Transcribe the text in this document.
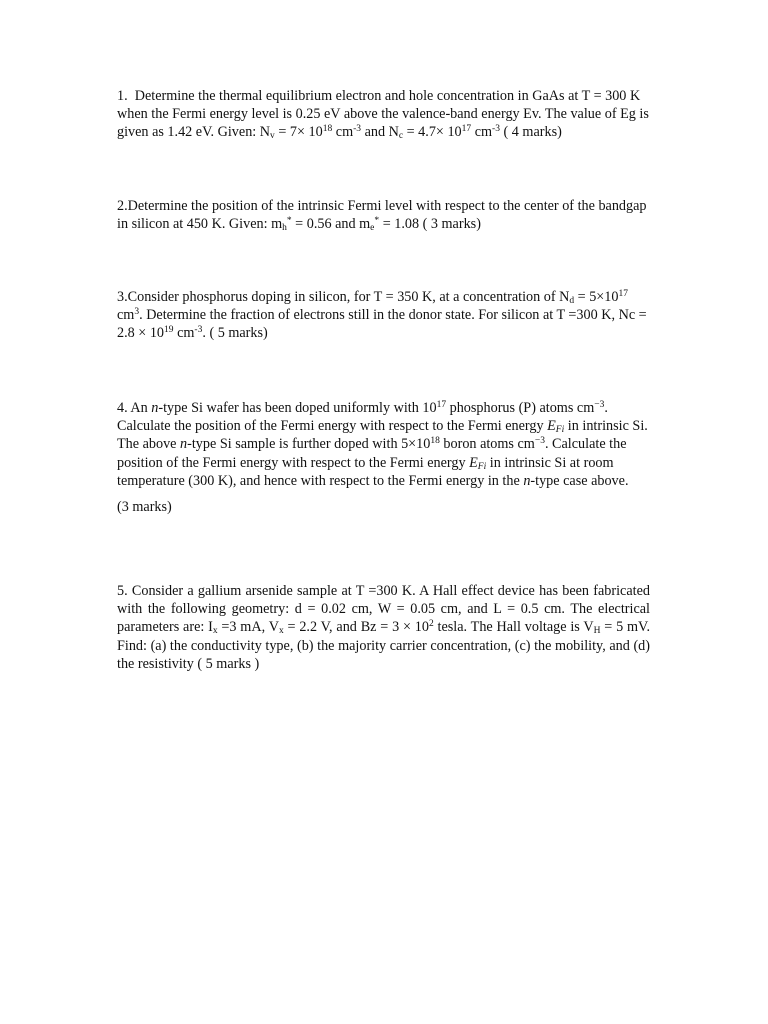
1. Determine the thermal equilibrium electron and hole concentration in GaAs at T = 300 K when the Fermi energy level is 0.25 eV above the valence-band energy Ev. The value of Eg is given as 1.42 eV. Given: $N_v = 7\times 10^{18}$ $cm^{-3}$ and $N_c = 4.7\times 10^{17}$ $cm^{-3}$ ( 4 marks)
2.Determine the position of the intrinsic Fermi level with respect to the center of the bandgap in silicon at 450 K. Given: $m_h^* = 0.56$ and $m_e^* = 1.08$ ( 3 marks)
3.Consider phosphorus doping in silicon, for T = 350 K, at a concentration of $N_d = 5\times 10^{17}$ $cm^3$. Determine the fraction of electrons still in the donor state. For silicon at T =300 K, $Nc = 2.8 \times 10^{19}$ $cm^{-3}$. ( 5 marks)
4. An n-type Si wafer has been doped uniformly with $10^{17}$ phosphorus (P) atoms $cm^{-3}$. Calculate the position of the Fermi energy with respect to the Fermi energy $E_{Fi}$ in intrinsic Si. The above n-type Si sample is further doped with $5\times 10^{18}$ boron atoms $cm^{-3}$. Calculate the position of the Fermi energy with respect to the Fermi energy $E_{Fi}$ in intrinsic Si at room temperature (300 K), and hence with respect to the Fermi energy in the n-type case above.
(3 marks)
5. Consider a gallium arsenide sample at T =300 K. A Hall effect device has been fabricated with the following geometry: d = 0.02 cm, W = 0.05 cm, and L = 0.5 cm. The electrical parameters are: $I_x =3$ mA, $V_x = 2.2$ V, and $Bz = 3 \times 10^2$ tesla. The Hall voltage is $V_H = 5$ mV. Find: (a) the conductivity type, (b) the majority carrier concentration, (c) the mobility, and (d) the resistivity ( 5 marks )
